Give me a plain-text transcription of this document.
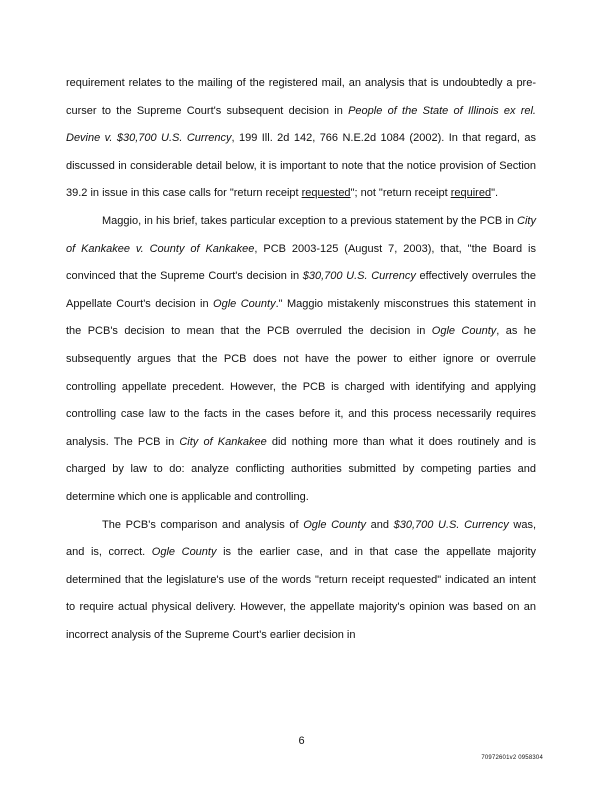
requirement relates to the mailing of the registered mail, an analysis that is undoubtedly a pre-curser to the Supreme Court's subsequent decision in People of the State of Illinois ex rel. Devine v. $30,700 U.S. Currency, 199 Ill. 2d 142, 766 N.E.2d 1084 (2002). In that regard, as discussed in considerable detail below, it is important to note that the notice provision of Section 39.2 in issue in this case calls for "return receipt requested"; not "return receipt required".

Maggio, in his brief, takes particular exception to a previous statement by the PCB in City of Kankakee v. County of Kankakee, PCB 2003-125 (August 7, 2003), that, "the Board is convinced that the Supreme Court's decision in $30,700 U.S. Currency effectively overrules the Appellate Court's decision in Ogle County." Maggio mistakenly misconstrues this statement in the PCB's decision to mean that the PCB overruled the decision in Ogle County, as he subsequently argues that the PCB does not have the power to either ignore or overrule controlling appellate precedent. However, the PCB is charged with identifying and applying controlling case law to the facts in the cases before it, and this process necessarily requires analysis. The PCB in City of Kankakee did nothing more than what it does routinely and is charged by law to do: analyze conflicting authorities submitted by competing parties and determine which one is applicable and controlling.

The PCB's comparison and analysis of Ogle County and $30,700 U.S. Currency was, and is, correct. Ogle County is the earlier case, and in that case the appellate majority determined that the legislature's use of the words "return receipt requested" indicated an intent to require actual physical delivery. However, the appellate majority's opinion was based on an incorrect analysis of the Supreme Court's earlier decision in

6
70972601v2 0958304
